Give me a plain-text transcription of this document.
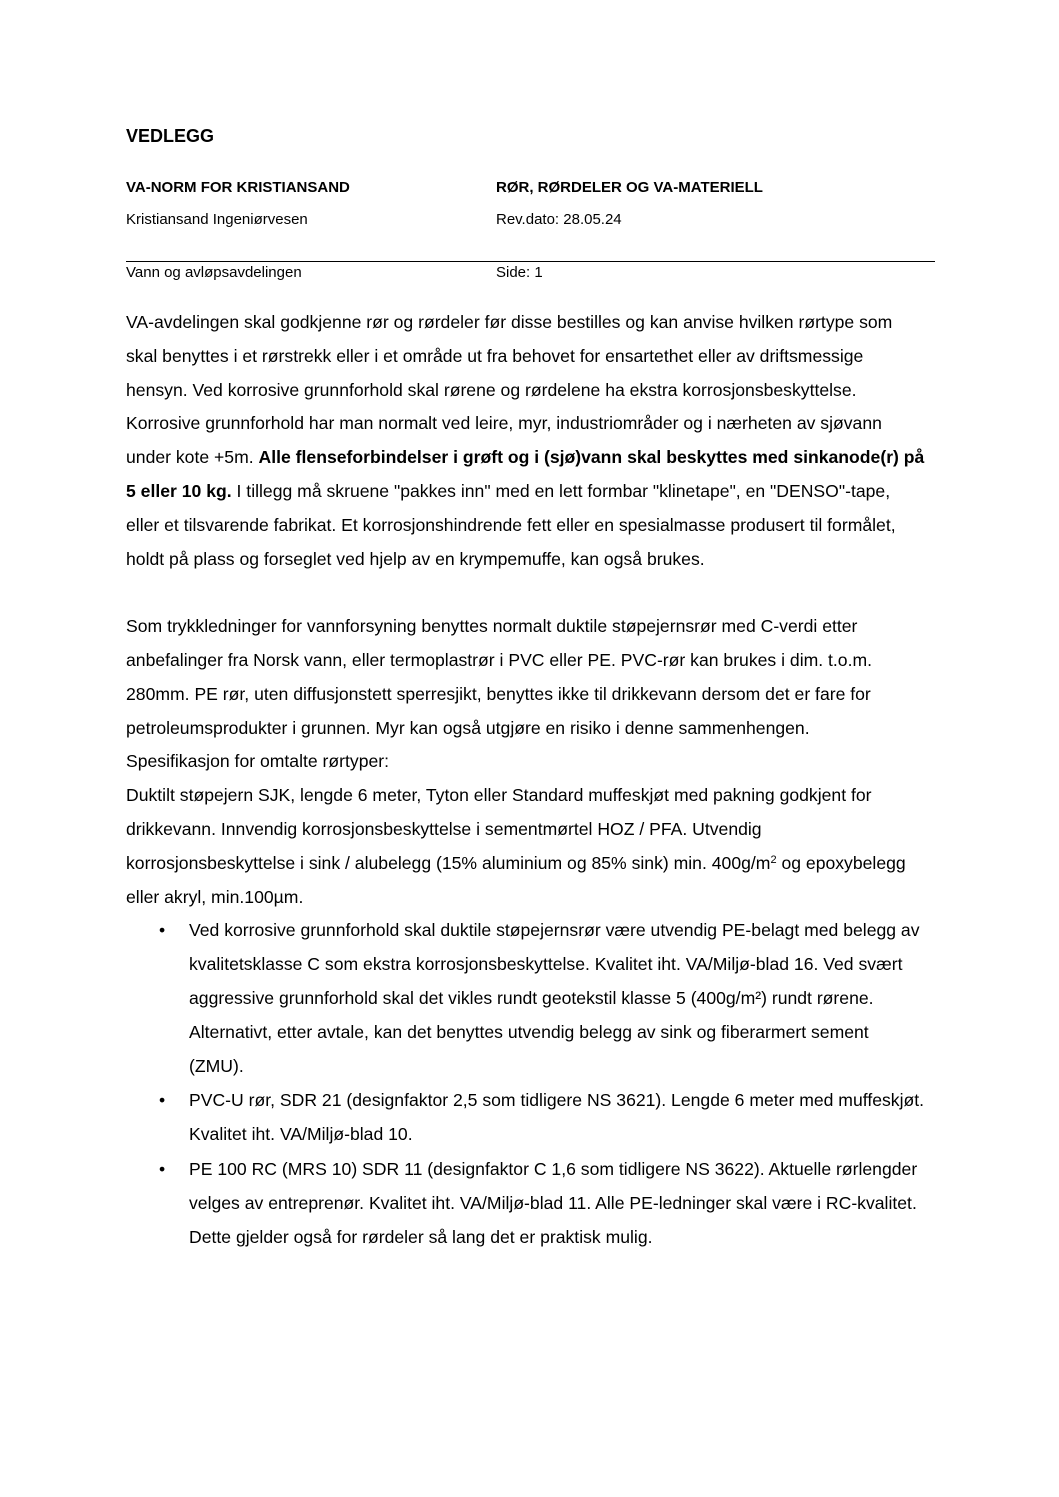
VEDLEGG
VA-NORM FOR KRISTIANSAND	RØR, RØRDELER OG VA-MATERIELL
Kristiansand Ingeniørvesen	Rev.dato: 28.05.24
Vann og avløpsavdelingen	Side: 1

VA-avdelingen skal godkjenne rør og rørdeler før disse bestilles og kan anvise hvilken rørtype som skal benyttes i et rørstrekk eller i et område ut fra behovet for ensartethet eller av driftsmessige hensyn. Ved korrosive grunnforhold skal rørene og rørdelene ha ekstra korrosjonsbeskyttelse. Korrosive grunnforhold har man normalt ved leire, myr, industriområder og i nærheten av sjøvann under kote +5m. Alle flenseforbindelser i grøft og i (sjø)vann skal beskyttes med sinkanode(r) på 5 eller 10 kg. I tillegg må skruene "pakkes inn" med en lett formbar "klinetape", en "DENSO"-tape, eller et tilsvarende fabrikat. Et korrosjonshindrende fett eller en spesialmasse produsert til formålet, holdt på plass og forseglet ved hjelp av en krympemuffe, kan også brukes.

Som trykkledninger for vannforsyning benyttes normalt duktile støpejernsrør med C-verdi etter anbefalinger fra Norsk vann, eller termoplastrør i PVC eller PE. PVC-rør kan brukes i dim. t.o.m. 280mm. PE rør, uten diffusjonstett sperresjikt, benyttes ikke til drikkevann dersom det er fare for petroleumsprodukter i grunnen. Myr kan også utgjøre en risiko i denne sammenhengen.

Spesifikasjon for omtalte rørtyper:

Duktilt støpejern SJK, lengde 6 meter, Tyton eller Standard muffeskjøt med pakning godkjent for drikkevann. Innvendig korrosjonsbeskyttelse i sementmørtel HOZ / PFA. Utvendig korrosjonsbeskyttelse i sink / alubelegg (15% aluminium og 85% sink) min. $400g/m^2$ og epoxybelegg eller akryl, min.100µm.

• Ved korrosive grunnforhold skal duktile støpejernsrør være utvendig PE-belagt med belegg av kvalitetsklasse C som ekstra korrosjonsbeskyttelse. Kvalitet iht. VA/Miljø-blad 16. Ved svært aggressive grunnforhold skal det vikles rundt geotekstil klasse 5 (400g/m²) rundt rørene. Alternativt, etter avtale, kan det benyttes utvendig belegg av sink og fiberarmert sement (ZMU).
• PVC-U rør, SDR 21 (designfaktor 2,5 som tidligere NS 3621). Lengde 6 meter med muffeskjøt. Kvalitet iht. VA/Miljø-blad 10.
• PE 100 RC (MRS 10) SDR 11 (designfaktor C 1,6 som tidligere NS 3622). Aktuelle rørlengder velges av entreprenør. Kvalitet iht. VA/Miljø-blad 11. Alle PE-ledninger skal være i RC-kvalitet. Dette gjelder også for rørdeler så lang det er praktisk mulig.
